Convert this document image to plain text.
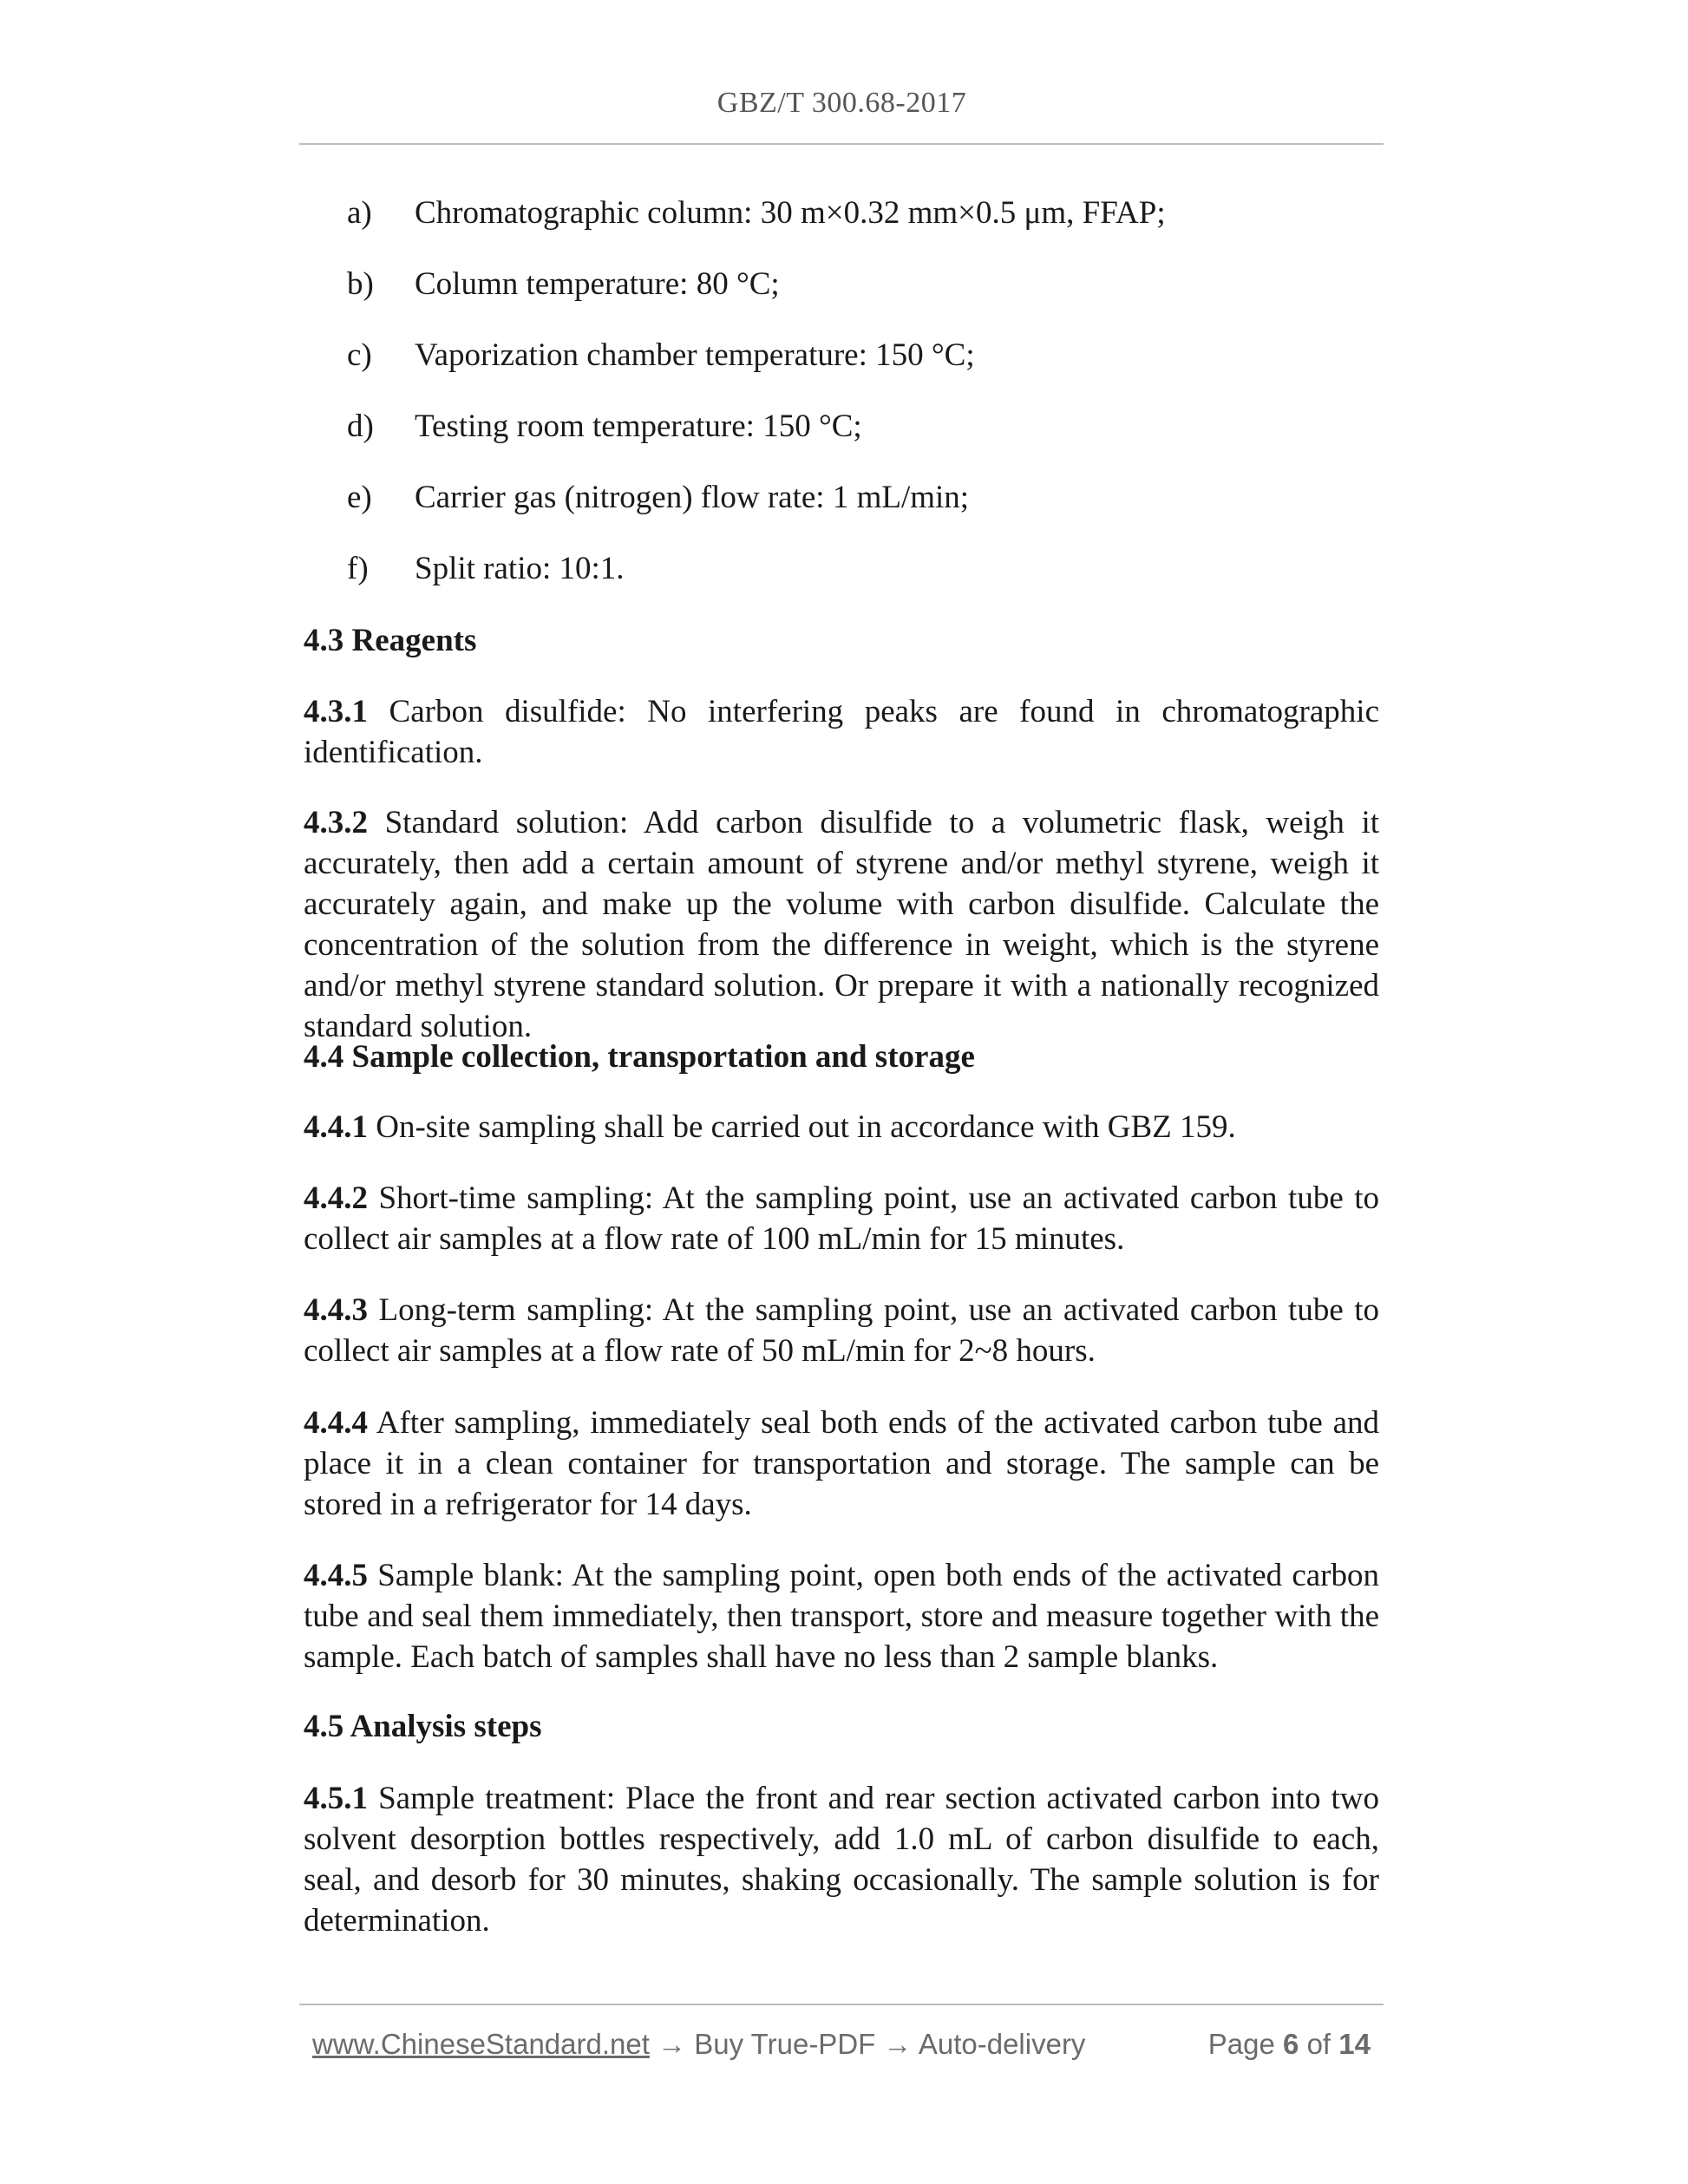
GBZ/T 300.68-2017
a) Chromatographic column: 30 m×0.32 mm×0.5 μm, FFAP;
b) Column temperature: 80 °C;
c) Vaporization chamber temperature: 150 °C;
d) Testing room temperature: 150 °C;
e) Carrier gas (nitrogen) flow rate: 1 mL/min;
f) Split ratio: 10:1.
4.3 Reagents

4.3.1 Carbon disulfide: No interfering peaks are found in chromatographic identification.

4.3.2 Standard solution: Add carbon disulfide to a volumetric flask, weigh it accurately, then add a certain amount of styrene and/or methyl styrene, weigh it accurately again, and make up the volume with carbon disulfide. Calculate the concentration of the solution from the difference in weight, which is the styrene and/or methyl styrene standard solution. Or prepare it with a nationally recognized standard solution.

4.4 Sample collection, transportation and storage

4.4.1 On-site sampling shall be carried out in accordance with GBZ 159.

4.4.2 Short-time sampling: At the sampling point, use an activated carbon tube to collect air samples at a flow rate of 100 mL/min for 15 minutes.

4.4.3 Long-term sampling: At the sampling point, use an activated carbon tube to collect air samples at a flow rate of 50 mL/min for 2~8 hours.

4.4.4 After sampling, immediately seal both ends of the activated carbon tube and place it in a clean container for transportation and storage. The sample can be stored in a refrigerator for 14 days.

4.4.5 Sample blank: At the sampling point, open both ends of the activated carbon tube and seal them immediately, then transport, store and measure together with the sample. Each batch of samples shall have no less than 2 sample blanks.

4.5 Analysis steps

4.5.1 Sample treatment: Place the front and rear section activated carbon into two solvent desorption bottles respectively, add 1.0 mL of carbon disulfide to each, seal, and desorb for 30 minutes, shaking occasionally. The sample solution is for determination.

www.ChineseStandard.net → Buy True-PDF → Auto-delivery	Page 6 of 14
